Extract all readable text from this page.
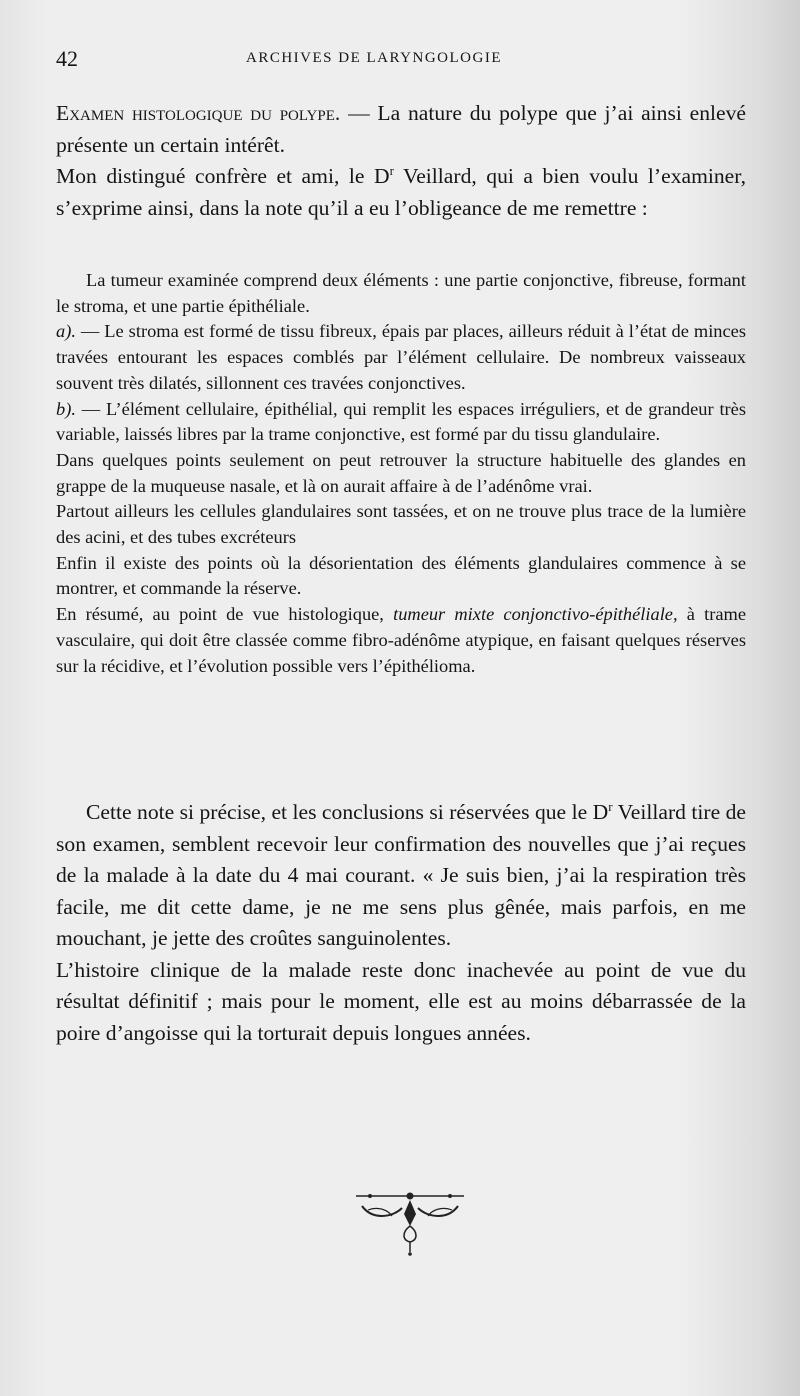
42	ARCHIVES DE LARYNGOLOGIE

Examen histologique du polype. — La nature du polype que j’ai ainsi enlevé présente un certain intérêt.

Mon distingué confrère et ami, le $D^r$ Veillard, qui a bien voulu l’examiner, s’exprime ainsi, dans la note qu’il a eu l’obligeance de me remettre :

La tumeur examinée comprend deux éléments : une partie conjonctive, fibreuse, formant le stroma, et une partie épithéliale.

a). — Le stroma est formé de tissu fibreux, épais par places, ailleurs réduit à l’état de minces travées entourant les espaces comblés par l’élément cellulaire. De nombreux vaisseaux souvent très dilatés, sillonnent ces travées conjonctives.

b). — L’élément cellulaire, épithélial, qui remplit les espaces irréguliers, et de grandeur très variable, laissés libres par la trame conjonctive, est formé par du tissu glandulaire.

Dans quelques points seulement on peut retrouver la structure habituelle des glandes en grappe de la muqueuse nasale, et là on aurait affaire à de l’adénôme vrai.

Partout ailleurs les cellules glandulaires sont tassées, et on ne trouve plus trace de la lumière des acini, et des tubes excréteurs

Enfin il existe des points où la désorientation des éléments glandulaires commence à se montrer, et commande la réserve.

En résumé, au point de vue histologique, tumeur mixte conjonctivo-épithéliale, à trame vasculaire, qui doit être classée comme fibro-adénôme atypique, en faisant quelques réserves sur la récidive, et l’évolution possible vers l’épithélioma.

Cette note si précise, et les conclusions si réservées que le $D^r$ Veillard tire de son examen, semblent recevoir leur confirmation des nouvelles que j’ai reçues de la malade à la date du 4 mai courant. « Je suis bien, j’ai la respiration très facile, me dit cette dame, je ne me sens plus gênée, mais parfois, en me mouchant, je jette des croûtes sanguinolentes.

L’histoire clinique de la malade reste donc inachevée au point de vue du résultat définitif ; mais pour le moment, elle est au moins débarrassée de la poire d’angoisse qui la torturait depuis longues années.
